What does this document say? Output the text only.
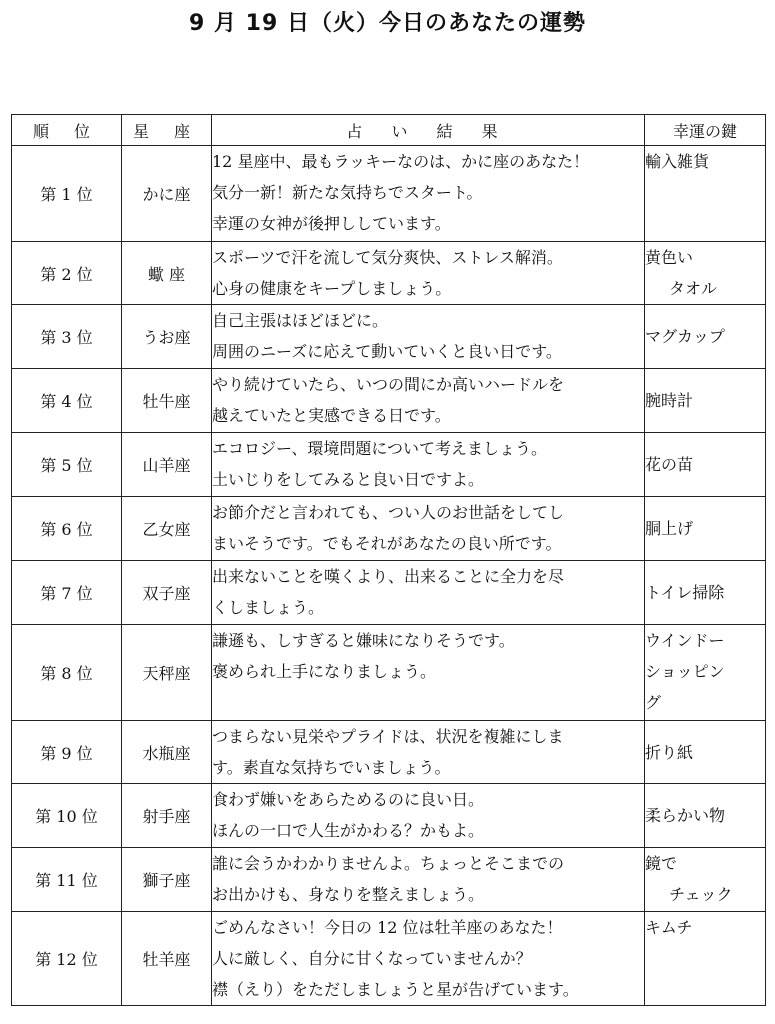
9 月 19 日（火）今日のあなたの運勢
順 位	星 座	占 い 結 果	幸運の鍵
第 1 位	かに座	12 星座中、最もラッキーなのは、かに座のあなた！
気分一新！新たな気持ちでスタート。
幸運の女神が後押ししています。	輸入雑貨

第 2 位	蠍 座	スポーツで汗を流して気分爽快、ストレス解消。
心身の健康をキープしましょう。	黄色い
タオル

第 3 位	うお座	自己主張はほどほどに。
周囲のニーズに応えて動いていくと良い日です。	マグカップ

第 4 位	牡牛座	やり続けていたら、いつの間にか高いハードルを
越えていたと実感できる日です。	腕時計

第 5 位	山羊座	エコロジー、環境問題について考えましょう。
土いじりをしてみると良い日ですよ。	花の苗

第 6 位	乙女座	お節介だと言われても、つい人のお世話をしてし
まいそうです。でもそれがあなたの良い所です。	胴上げ

第 7 位	双子座	出来ないことを嘆くより、出来ることに全力を尽
くしましょう。	トイレ掃除

第 8 位	天秤座	謙遜も、しすぎると嫌味になりそうです。
褒められ上手になりましょう。	ウインドー
ショッピン
グ

第 9 位	水瓶座	つまらない見栄やプライドは、状況を複雑にしま
す。素直な気持ちでいましょう。	折り紙

第 10 位	射手座	食わず嫌いをあらためるのに良い日。
ほんの一口で人生がかわる？かもよ。	柔らかい物

第 11 位	獅子座	誰に会うかわかりませんよ。ちょっとそこまでの
お出かけも、身なりを整えましょう。	鏡で
チェック

第 12 位	牡羊座	ごめんなさい！今日の 12 位は牡羊座のあなた！
人に厳しく、自分に甘くなっていませんか？
襟（えり）をただしましょうと星が告げています。	キムチ
